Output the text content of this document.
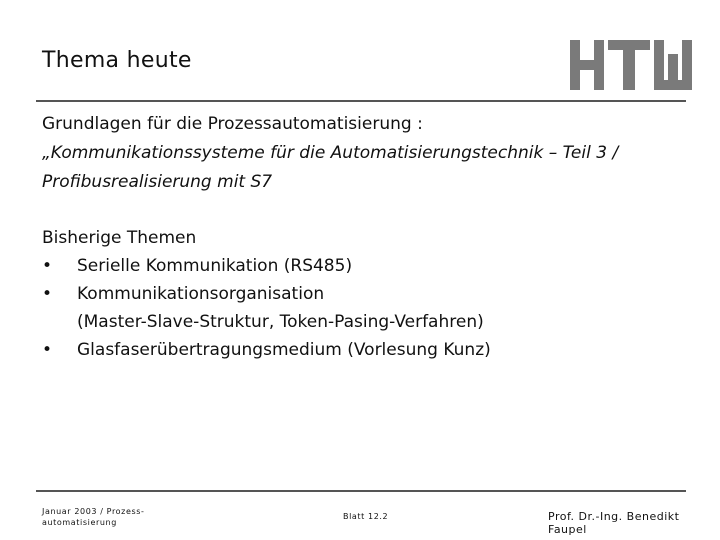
Thema heute
Grundlagen für die Prozessautomatisierung :
„Kommunikationssysteme für die Automatisierungstechnik – Teil 3 /
Profibusrealisierung mit S7
Bisherige Themen
• Serielle Kommunikation (RS485)
• Kommunikationsorganisation
(Master-Slave-Struktur, Token-Pasing-Verfahren)
• Glasfaserübertragungsmedium (Vorlesung Kunz)
Januar 2003 / Prozess-
automatisierung
Blatt 12.2	Prof. Dr.-Ing. Benedikt Faupel
